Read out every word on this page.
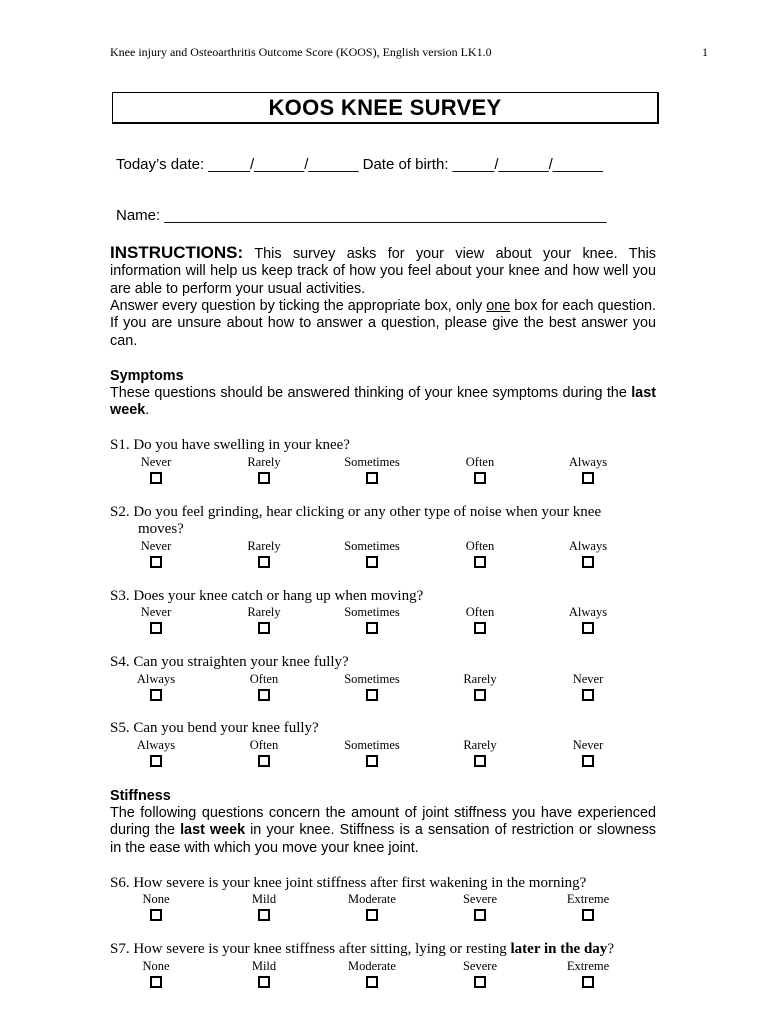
Knee injury and Osteoarthritis Outcome Score (KOOS), English version LK1.0	1
KOOS KNEE SURVEY
Today’s date: _____/______/______ Date of birth: _____/______/______
Name: _____________________________________________________
INSTRUCTIONS: This survey asks for your view about your knee. This information will help us keep track of how you feel about your knee and how well you are able to perform your usual activities.
Answer every question by ticking the appropriate box, only one box for each question. If you are unsure about how to answer a question, please give the best answer you can.
Symptoms
These questions should be answered thinking of your knee symptoms during the last week.
S1. Do you have swelling in your knee?
Never	Rarely	Sometimes	Often	Always
S2. Do you feel grinding, hear clicking or any other type of noise when your knee
moves?
Never	Rarely	Sometimes	Often	Always
S3. Does your knee catch or hang up when moving?
Never	Rarely	Sometimes	Often	Always
S4. Can you straighten your knee fully?
Always	Often	Sometimes	Rarely	Never
S5. Can you bend your knee fully?
Always	Often	Sometimes	Rarely	Never
Stiffness
The following questions concern the amount of joint stiffness you have experienced during the last week in your knee. Stiffness is a sensation of restriction or slowness in the ease with which you move your knee joint.
S6. How severe is your knee joint stiffness after first wakening in the morning?
None	Mild	Moderate	Severe	Extreme
S7. How severe is your knee stiffness after sitting, lying or resting later in the day?
None	Mild	Moderate	Severe	Extreme
